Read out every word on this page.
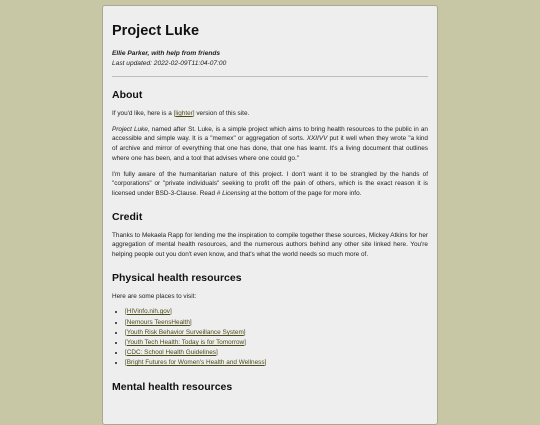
Project Luke

Ellie Parker, with help from friends

Last updated: 2022-02-09T11:04-07:00

About

If you'd like, here is a [lighter] version of this site.

Project Luke, named after St. Luke, is a simple project which aims to bring health resources to the public in an accessible and simple way. It is a "memex" or aggregation of sorts. XXIIVV put it well when they wrote "a kind of archive and mirror of everything that one has done, that one has learnt. It's a living document that outlines where one has been, and a tool that advises where one could go."

I'm fully aware of the humanitarian nature of this project. I don't want it to be strangled by the hands of "corporations" or "private individuals" seeking to profit off the pain of others, which is the exact reason it is licensed under BSD-3-Clause. Read # Licensing at the bottom of the page for more info.

Credit

Thanks to Mekaela Rapp for lending me the inspiration to compile together these sources, Mickey Atkins for her aggregation of mental health resources, and the numerous authors behind any other site linked here. You're helping people out you don't even know, and that's what the world needs so much more of.

Physical health resources

Here are some places to visit:

• [HIVinfo.nih.gov]
• [Nemours TeensHealth]
• [Youth Risk Behavior Surveillance System]
• [Youth Tech Health: Today is for Tomorrow]
• [CDC: School Health Guidelines]
• [Bright Futures for Women's Health and Wellness]
Mental health resources
